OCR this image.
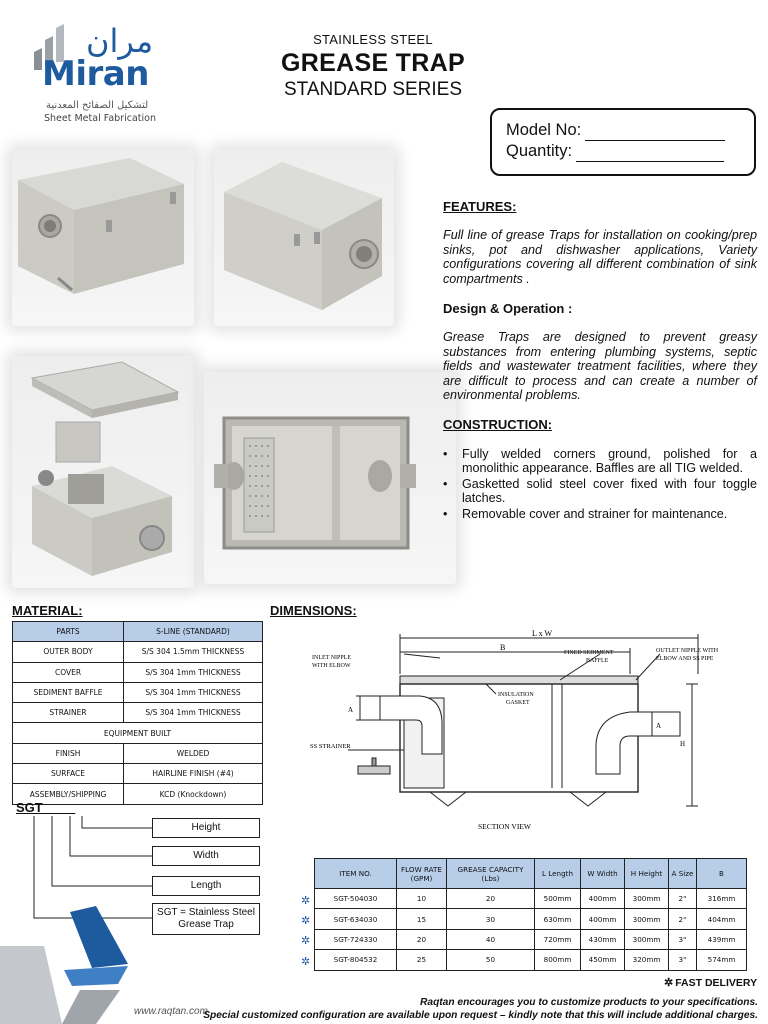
مران
Miran
لتشكيل الصفائح المعدنية
Sheet Metal Fabrication
STAINLESS STEEL
GREASE TRAP
STANDARD SERIES
Model No:
Quantity:
FEATURES:

Full line of grease Traps for installation on cooking/prep sinks, pot and dishwasher applications, Variety configurations covering all different combination of sink compartments .

Design & Operation :

Grease Traps are designed to prevent greasy substances from entering plumbing systems, septic fields and wastewater treatment facilities, where they are difficult to process and can create a number of environmental problems.

CONSTRUCTION:
• Fully welded corners ground, polished for a monolithic appearance. Baffles are all TIG welded.
• Gasketted solid steel cover fixed with four toggle latches.
• Removable cover and strainer for maintenance.
MATERIAL:	DIMENSIONS:
PARTS	S-LINE (STANDARD)
OUTER BODY	S/S 304 1.5mm THICKNESS
COVER	S/S 304 1mm THICKNESS
SEDIMENT BAFFLE	S/S 304 1mm THICKNESS
STRAINER	S/S 304 1mm THICKNESS
EQUIPMENT BUILT	
FINISH	WELDED
SURFACE	HAIRLINE FINISH (#4)
ASSEMBLY/SHIPPING	KCD (Knockdown)
SGT _ _ _
Height
Width
Length
SGT = Stainless Steel Grease Trap
L x W
B
INLET NIPPLE
WITH ELBOW
FIXED SEDIMENT
BAFFLE
OUTLET NIPPLE WITH
ELBOW AND SS PIPE
INSULATION
GASKET
SS STRAINER
A
A
H
SECTION VIEW
✲
✲
✲
✲
ITEM NO.	FLOW RATE (GPM)	GREASE CAPACITY (Lbs)	L Length	W Width	H Height	A Size	B
SGT-504030	10	20	500mm	400mm	300mm	2"	316mm
SGT-634030	15	30	630mm	400mm	300mm	2"	404mm
SGT-724330	20	40	720mm	430mm	300mm	3"	439mm
SGT-804532	25	50	800mm	450mm	320mm	3"	574mm
✲ FAST DELIVERY
www.raqtan.com
Raqtan encourages you to customize products to your specifications.
Special customized configuration are available upon request – kindly note that this will include additional charges.
